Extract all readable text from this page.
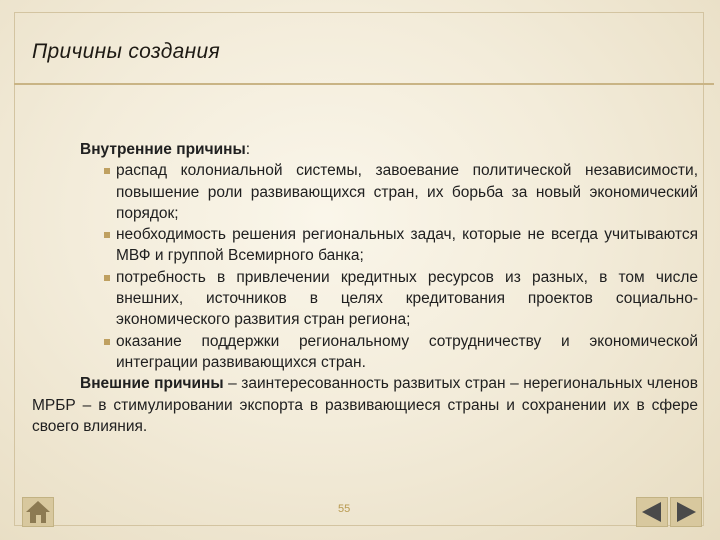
Причины создания
Внутренние причины:
распад колониальной системы, завоевание политической независимости, повышение роли развивающихся стран, их борьба за новый экономический порядок;
необходимость решения региональных задач, которые не всегда учитываются МВФ и группой Всемирного банка;
потребность в привлечении кредитных ресурсов из разных, в том числе внешних, источников в целях кредитования проектов социально-экономического развития стран региона;
оказание поддержки региональному сотрудничеству и экономической интеграции развивающихся стран.
Внешние причины – заинтересованность развитых стран – нерегиональных членов МРБР – в стимулировании экспорта в развивающиеся страны и сохранении их в сфере своего влияния.
55
